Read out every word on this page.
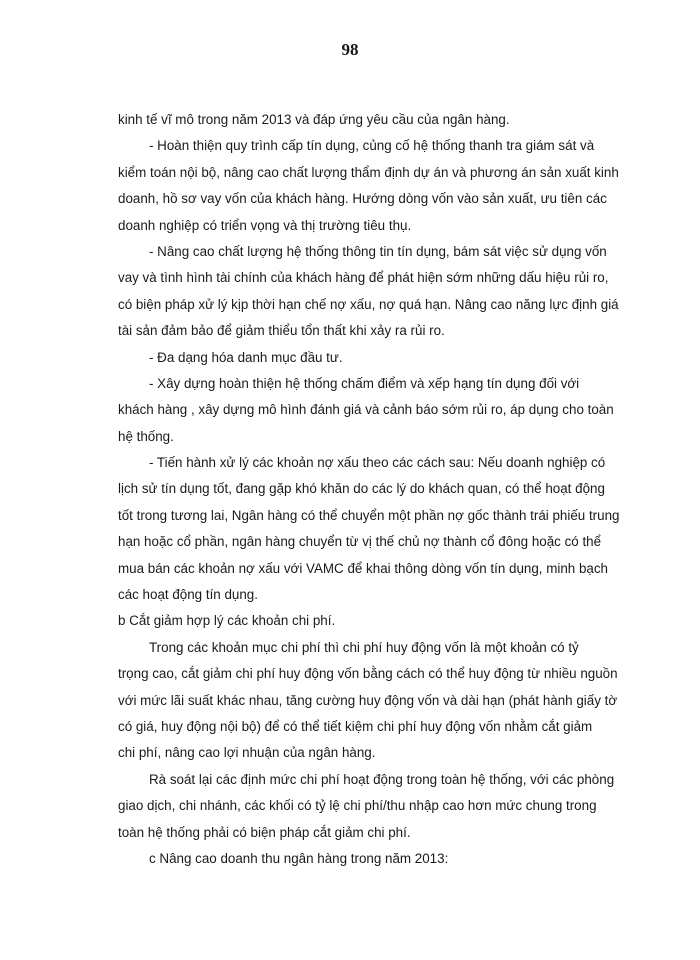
98
kinh tế vĩ mô trong năm 2013 và đáp ứng yêu cầu của ngân hàng.
- Hoàn thiện quy trình cấp tín dụng, củng cố hệ thống thanh tra giám sát và
kiểm toán nội bộ, nâng cao chất lượng thẩm định dự án và phương án sản xuất kinh
doanh, hồ sơ vay vốn của khách hàng. Hướng dòng vốn vào sản xuất, ưu tiên các
doanh nghiệp có triển vọng và thị trường tiêu thụ.
- Nâng cao chất lượng hệ thống thông tin tín dụng, bám sát việc sử dụng vốn
vay và tình hình tài chính của khách hàng để phát hiện sớm những dấu hiệu rủi ro,
có biện pháp xử lý kịp thời hạn chế nợ xấu, nợ quá hạn. Nâng cao năng lực định giá
tài sản đảm bảo để giảm thiểu tổn thất khi xảy ra rủi ro.
- Đa dạng hóa danh mục đầu tư.
- Xây dựng hoàn thiện hệ thống chấm điểm và xếp hạng tín dụng đối với
khách hàng , xây dựng mô hình đánh giá và cảnh báo sớm rủi ro, áp dụng cho toàn
hệ thống.
- Tiến hành xử lý các khoản nợ xấu theo các cách sau: Nếu doanh nghiệp có
lịch sử tín dụng tốt, đang gặp khó khăn do các lý do khách quan, có thể hoạt động
tốt trong tương lai, Ngân hàng có thể chuyển một phần nợ gốc thành trái phiếu trung
hạn hoặc cổ phần, ngân hàng chuyển từ vị thế chủ nợ thành cổ đông hoặc có thể
mua bán các khoản nợ xấu với VAMC để khai thông dòng vốn tín dụng, minh bạch
các hoạt động tín dụng.
b Cắt giảm hợp lý các khoản chi phí.
Trong các khoản mục chi phí thì chi phí huy động vốn là một khoản có tỷ
trọng cao, cắt giảm chi phí huy động vốn bằng cách có thể huy động từ nhiều nguồn
với mức lãi suất khác nhau, tăng cường huy động vốn và dài hạn (phát hành giấy tờ
có giá, huy động nội bộ) để có thể tiết kiệm chi phí huy động vốn nhằm cắt giảm
chi phí, nâng cao lợi nhuận của ngân hàng.
Rà soát lại các định mức chi phí hoạt động trong toàn hệ thống, với các phòng
giao dịch, chi nhánh, các khối có tỷ lệ chi phí/thu nhập cao hơn mức chung trong
toàn hệ thống phải có biện pháp cắt giảm chi phí.
c Nâng cao doanh thu ngân hàng trong năm 2013:
